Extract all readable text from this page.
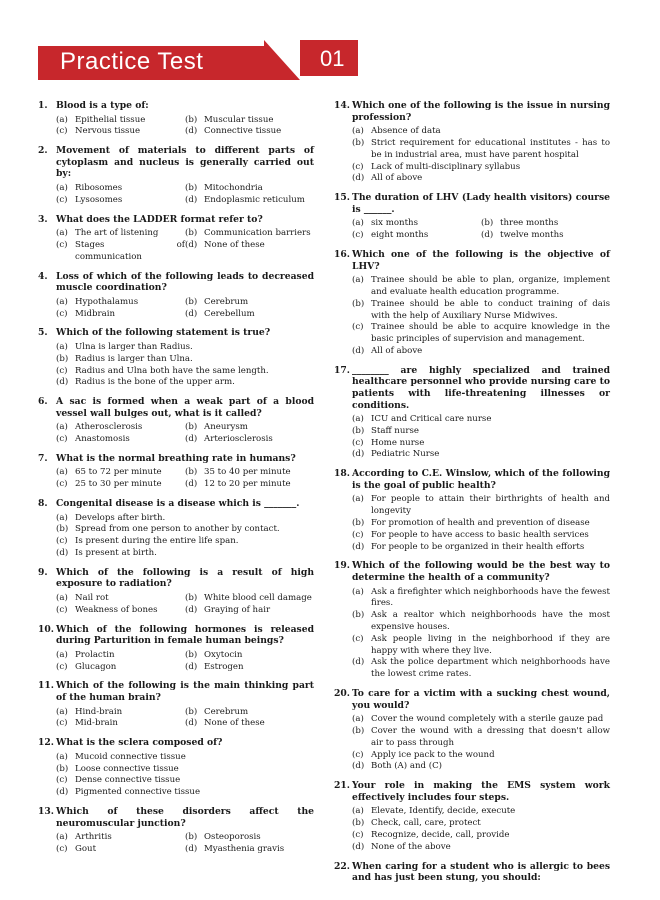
Practice Test	01
1. Blood is a type of:
(a) Epithelial tissue	(b) Muscular tissue
(c) Nervous tissue	(d) Connective tissue
2. Movement of materials to different parts of cytoplasm and nucleus is generally carried out by:
(a) Ribosomes	(b) Mitochondria
(c) Lysosomes	(d) Endoplasmic reticulum
3. What does the LADDER format refer to?
(a) The art of listening	(b) Communication barriers
(c) Stages of communication
(d) None of these
4. Loss of which of the following leads to decreased muscle coordination?
(a) Hypothalamus	(b) Cerebrum
(c) Midbrain	(d) Cerebellum
5. Which of the following statement is true?
(a) Ulna is larger than Radius.
(b) Radius is larger than Ulna.
(c) Radius and Ulna both have the same length.
(d) Radius is the bone of the upper arm.
6. A sac is formed when a weak part of a blood vessel wall bulges out, what is it called?
(a) Atherosclerosis	(b) Aneurysm
(c) Anastomosis	(d) Arteriosclerosis
7. What is the normal breathing rate in humans?
(a) 65 to 72 per minute	(b) 35 to 40 per minute
(c) 25 to 30 per minute	(d) 12 to 20 per minute
8. Congenital disease is a disease which is _______.
(a) Develops after birth.
(b) Spread from one person to another by contact.
(c) Is present during the entire life span.
(d) Is present at birth.
9. Which of the following is a result of high exposure to radiation?
(a) Nail rot	(b) White blood cell damage
(c) Weakness of bones	(d) Graying of hair
10. Which of the following hormones is released during Parturition in female human beings?
(a) Prolactin	(b) Oxytocin
(c) Glucagon	(d) Estrogen
11. Which of the following is the main thinking part of the human brain?
(a) Hind-brain	(b) Cerebrum
(c) Mid-brain	(d) None of these
12. What is the sclera composed of?
(a) Mucoid connective tissue
(b) Loose connective tissue
(c) Dense connective tissue
(d) Pigmented connective tissue
13. Which of these disorders affect the neuromuscular junction?
(a) Arthritis	(b) Osteoporosis
(c) Gout	(d) Myasthenia gravis
14. Which one of the following is the issue in nursing profession?
(a) Absence of data
(b) Strict requirement for educational institutes - has to be in industrial area, must have parent hospital
(c) Lack of multi-disciplinary syllabus
(d) All of above
15. The duration of LHV (Lady health visitors) course is ______.
(a) six months	(b) three months
(c) eight months	(d) twelve months
16. Which one of the following is the objective of LHV?
(a) Trainee should be able to plan, organize, implement and evaluate health education programme.
(b) Trainee should be able to conduct training of dais with the help of Auxiliary Nurse Midwives.
(c) Trainee should be able to acquire knowledge in the basic principles of supervision and management.
(d) All of above
17. ________ are highly specialized and trained healthcare personnel who provide nursing care to patients with life-threatening illnesses or conditions.
(a) ICU and Critical care nurse
(b) Staff nurse
(c) Home nurse
(d) Pediatric Nurse
18. According to C.E. Winslow, which of the following is the goal of public health?
(a) For people to attain their birthrights of health and longevity
(b) For promotion of health and prevention of disease
(c) For people to have access to basic health services
(d) For people to be organized in their health efforts
19. Which of the following would be the best way to determine the health of a community?
(a) Ask a firefighter which neighborhoods have the fewest fires.
(b) Ask a realtor which neighborhoods have the most expensive houses.
(c) Ask people living in the neighborhood if they are happy with where they live.
(d) Ask the police department which neighborhoods have the lowest crime rates.
20. To care for a victim with a sucking chest wound, you would?
(a) Cover the wound completely with a sterile gauze pad
(b) Cover the wound with a dressing that doesn't allow air to pass through
(c) Apply ice pack to the wound
(d) Both (A) and (C)
21. Your role in making the EMS system work effectively includes four steps.
(a) Elevate, Identify, decide, execute
(b) Check, call, care, protect
(c) Recognize, decide, call, provide
(d) None of the above
22. When caring for a student who is allergic to bees and has just been stung, you should:
